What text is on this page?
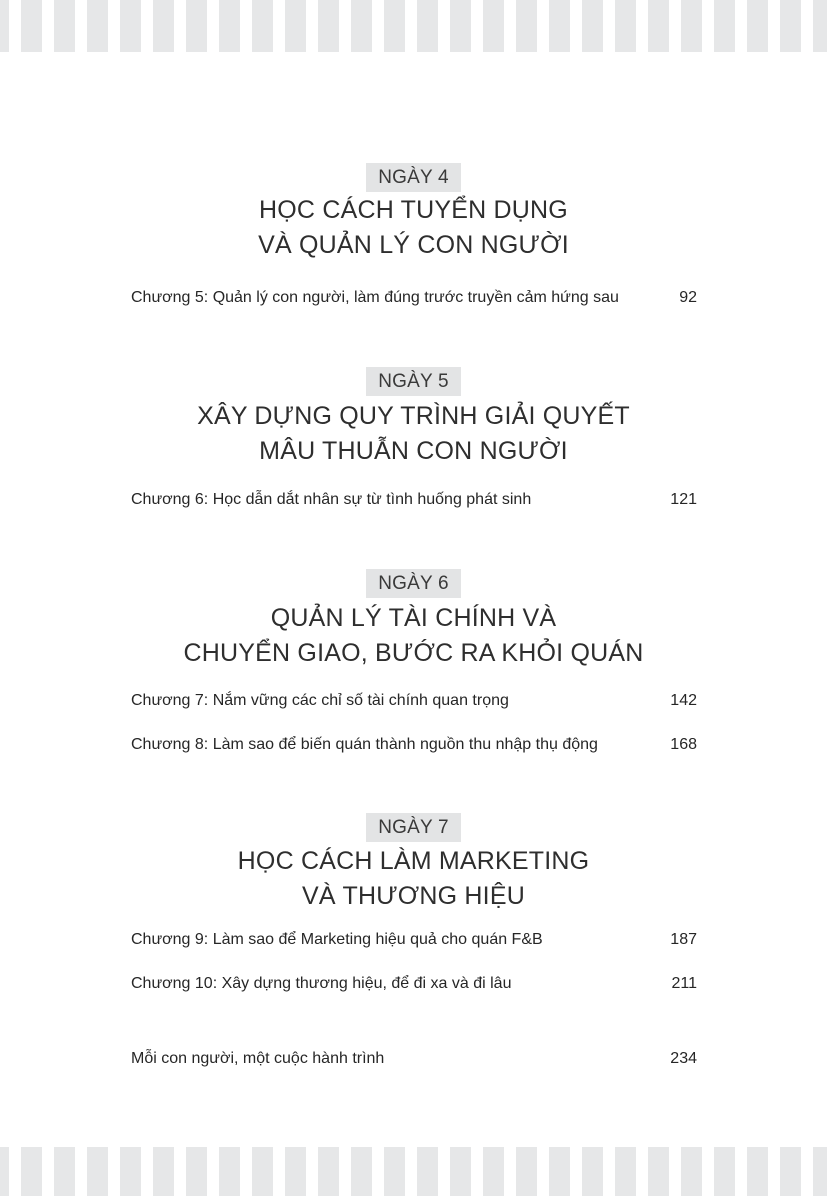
NGÀY 4
HỌC CÁCH TUYỂN DỤNG
VÀ QUẢN LÝ CON NGƯỜI
Chương 5: Quản lý con người, làm đúng trước truyền cảm hứng sau	92
NGÀY 5
XÂY DỰNG QUY TRÌNH GIẢI QUYẾT
MÂU THUẪN CON NGƯỜI
Chương 6: Học dẫn dắt nhân sự từ tình huống phát sinh	121
NGÀY 6
QUẢN LÝ TÀI CHÍNH VÀ
CHUYỂN GIAO, BƯỚC RA KHỎI QUÁN
Chương 7: Nắm vững các chỉ số tài chính quan trọng	142
Chương 8: Làm sao để biến quán thành nguồn thu nhập thụ động	168
NGÀY 7
HỌC CÁCH LÀM MARKETING
VÀ THƯƠNG HIỆU
Chương 9: Làm sao để Marketing hiệu quả cho quán F&B	187
Chương 10: Xây dựng thương hiệu, để đi xa và đi lâu	211
Mỗi con người, một cuộc hành trình	234
